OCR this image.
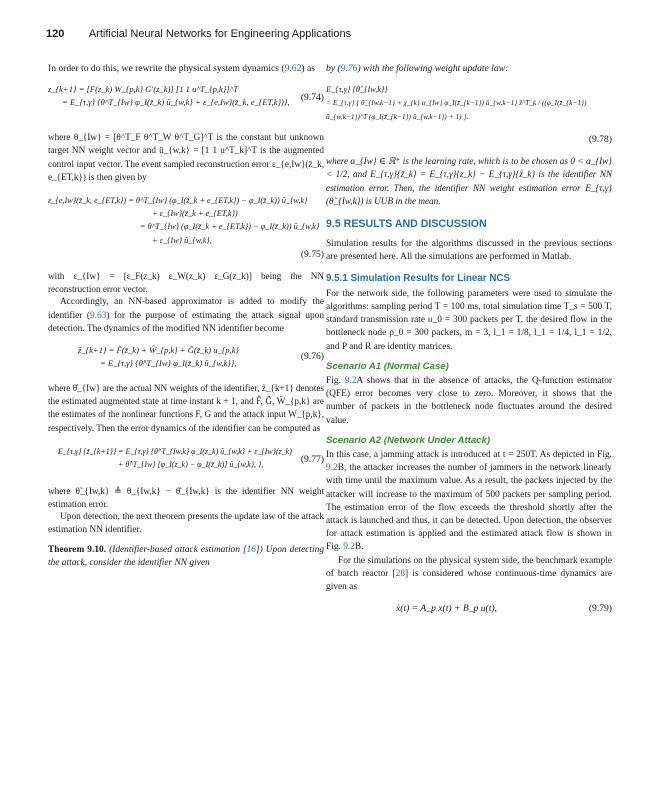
120 Artificial Neural Networks for Engineering Applications

In order to do this, we rewrite the physical system dynamics (9.62) as

z_{k+1} = [F(z_k) W_{p,k} G'(z_k)] [1 1 u^T_{p,k}]^T
= E_{τ,γ} {θ^T_{Iw} φ_I(z̄_k) ū_{w,k} + ε_{e,Iw}(z̄_k, e_{ET,k})},	(9.74)

where θ_{Iw} = [θ^T_F θ^T_W θ^T_G]^T is the constant but unknown target NN weight vector and ū_{w,k} = [1 1 u^T_k]^T is the augmented control input vector. The event sampled reconstruction error ε_{e,Iw}(z̄_k, e_{ET,k}) is then given by

ε_{e,Iw}(z̄_k, e_{ET,k}) = θ^T_{Iw} (φ_I(z̄_k + e_{ET,k}) − φ_I(z̄_k)) ū_{w,k}
+ ε_{Iw}(z̄_k + e_{ET,k})
= θ^T_{Iw} (φ_I(z̄_k + e_{ET,k}) − φ_I(z̄_k)) ū_{w,k}
+ ε_{Iw} ū_{w,k},
(9.75)

with ε_{Iw} = [ε_F(z_k) ε_W(z_k) ε_G(z_k)] being the NN reconstruction error vector.

Accordingly, an NN-based approximator is added to modify the identifier (9.63) for the purpose of estimating the attack signal upon detection. The dynamics of the modified NN identifier become

ẑ_{k+1} = F̂(z̄_k) + Ŵ_{p,k} + Ĝ(z̄_k) u_{p,k}
= E_{τ,γ} {θ̂^T_{Iw} φ_I(z̄_k) ū_{w,k}},
(9.76)

where θ̂_{Iw} are the actual NN weights of the identifier, ẑ_{k+1} denotes the estimated augmented state at time instant k + 1, and F̂, Ĝ, Ŵ_{p,k} are the estimates of the nonlinear functions F, G and the attack input W_{p,k}, respectively. Then the error dynamics of the identifier can be computed as

E_{τ,γ} {z̃_{k+1}} = E_{τ,γ} {θ̃^T_{Iw,k} φ_I(z_k) ū_{w,k} + ε_{Iw}(z_k)
+ θ̂^T_{Iw} [φ_I(z_k) − φ_I(z̄_k)] ū_{w,k}, },	(9.77)

where θ̃_{Iw,k} ≜ θ_{Iw,k} − θ̂_{Iw,k} is the identifier NN weight estimation error.

Upon detection, the next theorem presents the update law of the attack estimation NN identifier.

Theorem 9.10. (Identifier-based attack estimation [16]) Upon detecting the attack, consider the identifier NN given

by (9.76) with the following weight update law:

E_{τ,γ} {θ̂_{Iw,k}}
= E_{τ,γ} { θ̂_{Iw,k−1} + χ_{k} α_{Iw} φ_I(z̄_{k−1}) ū_{w,k−1} z̃^T_k / ((φ_I(z̄_{k−1}) ū_{w,k−1})^T (φ_I(z̄_{k−1}) ū_{w,k−1}) + 1) },
(9.78)

where α_{Iw} ∈ ℝ⁺ is the learning rate, which is to be chosen as 0 < α_{Iw} < 1/2, and E_{τ,γ}{z̃_k} = E_{τ,γ}{z_k} − E_{τ,γ}{ẑ_k} is the identifier NN estimation error. Then, the identifier NN weight estimation error E_{τ,γ}(θ̃_{Iw,k}) is UUB in the mean.

9.5 RESULTS AND DISCUSSION

Simulation results for the algorithms discussed in the previous sections are presented here. All the simulations are performed in Matlab.

9.5.1 Simulation Results for Linear NCS

For the network side, the following parameters were used to simulate the algorithms: sampling period T = 100 ms, total simulation time T_s = 500 T, standard transmission rate υ_0 = 300 packets per T, the desired flow in the bottleneck node ρ_0 = 300 packets, m = 3, l_1 = 1/8, l_1 = 1/4, l_1 = 1/2, and P and R are identity matrices.

Scenario A1 (Normal Case)

Fig. 9.2A shows that in the absence of attacks, the Q-function estimator (QFE) error becomes very close to zero. Moreover, it shows that the number of packets in the bottleneck node fluctuates around the desired value.

Scenario A2 (Network Under Attack)

In this case, a jamming attack is introduced at t = 250T. As depicted in Fig. 9.2B, the attacker increases the number of jammers in the network linearly with time until the maximum value. As a result, the packets injected by the attacker will increase to the maximum of 500 packets per sampling period. The estimation error of the flow exceeds the threshold shortly after the attack is launched and thus, it can be detected. Upon detection, the observer for attack estimation is applied and the estimated attack flow is shown in Fig. 9.2B.

For the simulations on the physical system side, the benchmark example of batch reactor [28] is considered whose continuous-time dynamics are given as

ẋ(t) = A_p x(t) + B_p u(t),	(9.79)
